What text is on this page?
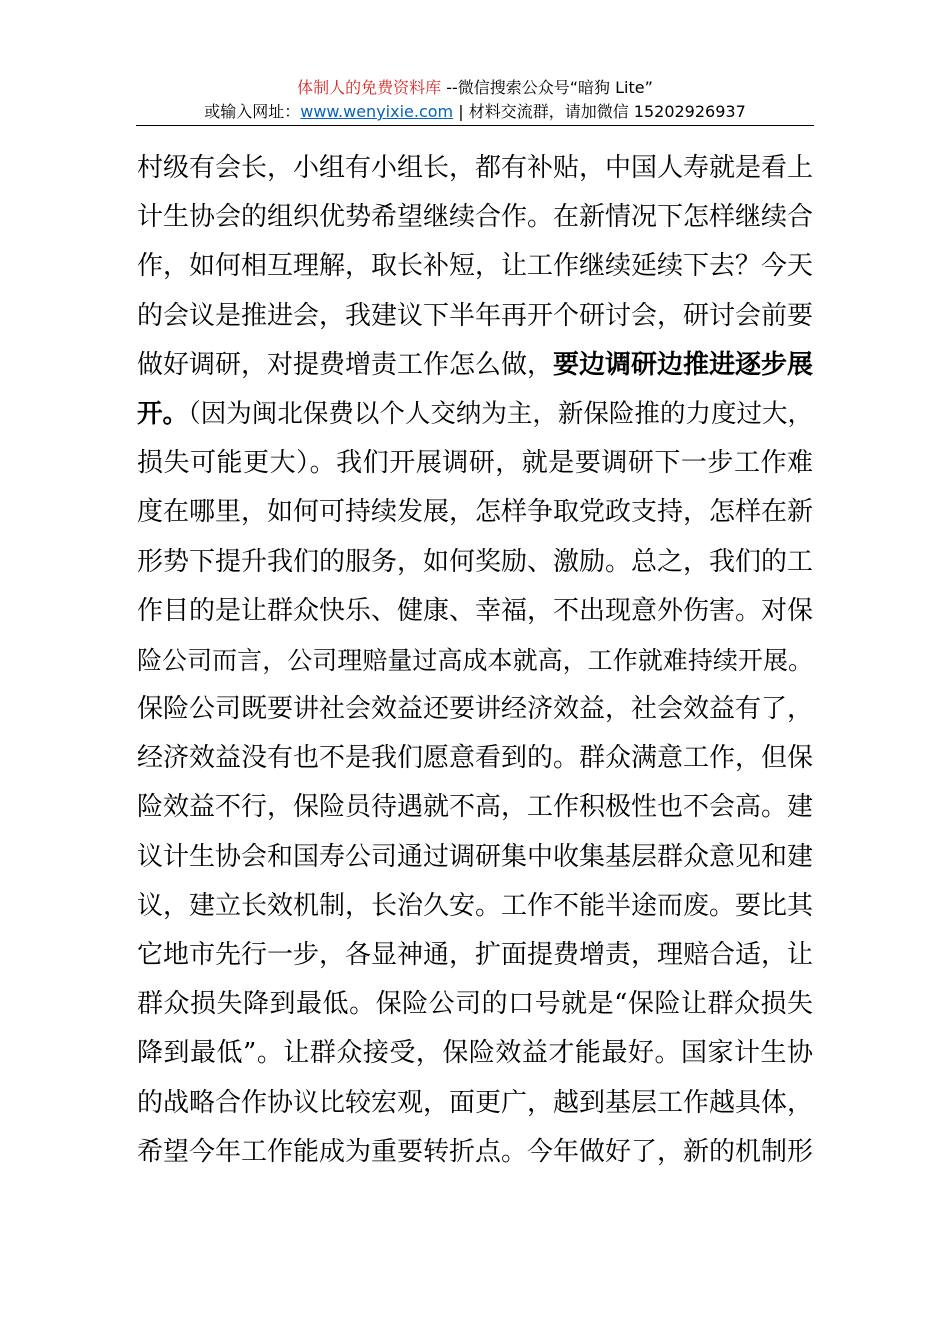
体制人的免费资料库 --微信搜索公众号“暗狗 Lite”
或输入网址：www.wenyixie.com | 材料交流群，请加微信 15202926937
村级有会长，小组有小组长，都有补贴，中国人寿就是看上
计生协会的组织优势希望继续合作。在新情况下怎样继续合
作，如何相互理解，取长补短，让工作继续延续下去？今天
的会议是推进会，我建议下半年再开个研讨会，研讨会前要
做好调研，对提费增责工作怎么做，要边调研边推进逐步展
开。（因为闽北保费以个人交纳为主，新保险推的力度过大，
损失可能更大）。我们开展调研，就是要调研下一步工作难
度在哪里，如何可持续发展，怎样争取党政支持，怎样在新
形势下提升我们的服务，如何奖励、激励。总之，我们的工
作目的是让群众快乐、健康、幸福，不出现意外伤害。对保
险公司而言，公司理赔量过高成本就高，工作就难持续开展。
保险公司既要讲社会效益还要讲经济效益，社会效益有了，
经济效益没有也不是我们愿意看到的。群众满意工作，但保
险效益不行，保险员待遇就不高，工作积极性也不会高。建
议计生协会和国寿公司通过调研集中收集基层群众意见和建
议，建立长效机制，长治久安。工作不能半途而废。要比其
它地市先行一步，各显神通，扩面提费增责，理赔合适，让
群众损失降到最低。保险公司的口号就是“保险让群众损失
降到最低”。让群众接受，保险效益才能最好。国家计生协
的战略合作协议比较宏观，面更广，越到基层工作越具体，
希望今年工作能成为重要转折点。今年做好了，新的机制形
